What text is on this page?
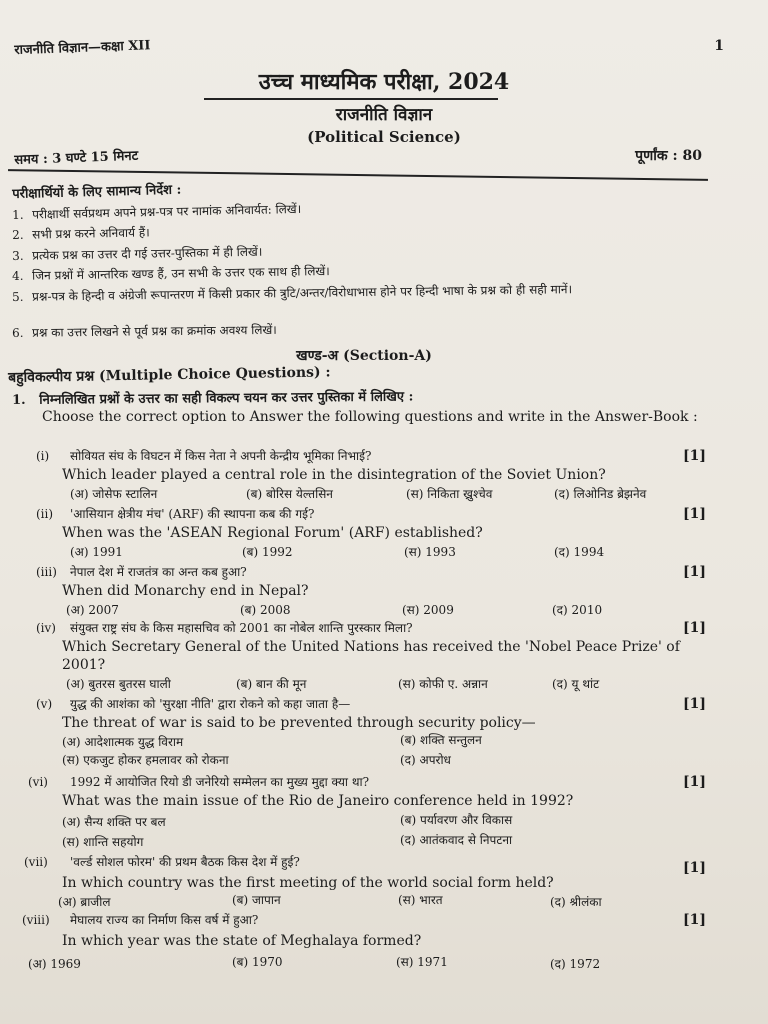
राजनीति विज्ञान—कक्षा XII	1
उच्च माध्यमिक परीक्षा, 2024
राजनीति विज्ञान
(Political Science)
समय : 3 घण्टे 15 मिनट	पूर्णांक : 80
परीक्षार्थियों के लिए सामान्य निर्देश :
1. परीक्षार्थी सर्वप्रथम अपने प्रश्न-पत्र पर नामांक अनिवार्यत: लिखें।
2. सभी प्रश्न करने अनिवार्य हैं।
3. प्रत्येक प्रश्न का उत्तर दी गई उत्तर-पुस्तिका में ही लिखें।
4. जिन प्रश्नों में आन्तरिक खण्ड हैं, उन सभी के उत्तर एक साथ ही लिखें।
5. प्रश्न-पत्र के हिन्दी व अंग्रेजी रूपान्तरण में किसी प्रकार की त्रुटि/अन्तर/विरोधाभास होने पर हिन्दी भाषा के प्रश्न को ही सही मानें।
6. प्रश्न का उत्तर लिखने से पूर्व प्रश्न का क्रमांक अवश्य लिखें।
खण्ड-अ (Section-A)
बहुविकल्पीय प्रश्न (Multiple Choice Questions) :
1. निम्नलिखित प्रश्नों के उत्तर का सही विकल्प चयन कर उत्तर पुस्तिका में लिखिए :
Choose the correct option to Answer the following questions and write in the Answer-Book :
(i) सोवियत संघ के विघटन में किस नेता ने अपनी केन्द्रीय भूमिका निभाई?	[1]
Which leader played a central role in the disintegration of the Soviet Union?
(अ) जोसेफ स्टालिन	(ब) बोरिस येल्तसिन	(स) निकिता ख्रुश्चेव	(द) लिओनिड ब्रेझनेव
(ii) 'आसियान क्षेत्रीय मंच' (ARF) की स्थापना कब की गई?	[1]
When was the 'ASEAN Regional Forum' (ARF) established?
(अ) 1991	(ब) 1992	(स) 1993	(द) 1994
(iii) नेपाल देश में राजतंत्र का अन्त कब हुआ?	[1]
When did Monarchy end in Nepal?
(अ) 2007	(ब) 2008	(स) 2009	(द) 2010
(iv) संयुक्त राष्ट्र संघ के किस महासचिव को 2001 का नोबेल शान्ति पुरस्कार मिला?	[1]
Which Secretary General of the United Nations has received the 'Nobel Peace Prize' of 2001?
(अ) बुतरस बुतरस घाली	(ब) बान की मून	(स) कोफी ए. अन्नान	(द) यू थांट
(v) युद्ध की आशंका को 'सुरक्षा नीति' द्वारा रोकने को कहा जाता है—	[1]
The threat of war is said to be prevented through security policy—
(अ) आदेशात्मक युद्ध विराम	(ब) शक्ति सन्तुलन
(स) एकजुट होकर हमलावर को रोकना	(द) अपरोध
(vi) 1992 में आयोजित रियो डी जनेरियो सम्मेलन का मुख्य मुद्दा क्या था?	[1]
What was the main issue of the Rio de Janeiro conference held in 1992?
(अ) सैन्य शक्ति पर बल	(ब) पर्यावरण और विकास
(स) शान्ति सहयोग	(द) आतंकवाद से निपटना
(vii) 'वर्ल्ड सोशल फोरम' की प्रथम बैठक किस देश में हुई?	[1]
In which country was the first meeting of the world social form held?
(अ) ब्राजील	(ब) जापान	(स) भारत	(द) श्रीलंका
(viii) मेघालय राज्य का निर्माण किस वर्ष में हुआ?	[1]
In which year was the state of Meghalaya formed?
(अ) 1969	(ब) 1970	(स) 1971	(द) 1972
